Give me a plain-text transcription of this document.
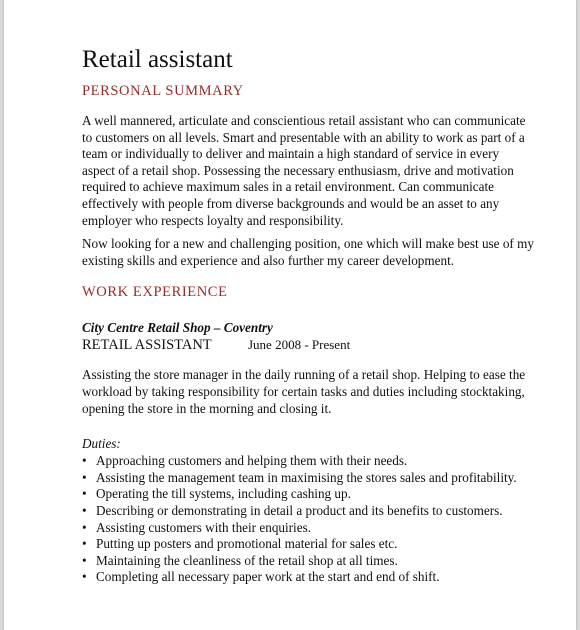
Retail assistant
PERSONAL SUMMARY

A well mannered, articulate and conscientious retail assistant who can communicate to customers on all levels. Smart and presentable with an ability to work as part of a team or individually to deliver and maintain a high standard of service in every aspect of a retail shop. Possessing the necessary enthusiasm, drive and motivation required to achieve maximum sales in a retail environment. Can communicate effectively with people from diverse backgrounds and would be an asset to any employer who respects loyalty and responsibility.

Now looking for a new and challenging position, one which will make best use of my existing skills and experience and also further my career development.

WORK EXPERIENCE
City Centre Retail Shop – Coventry
RETAIL ASSISTANT	June 2008 - Present

Assisting the store manager in the daily running of a retail shop. Helping to ease the workload by taking responsibility for certain tasks and duties including stocktaking, opening the store in the morning and closing it.

Duties:
• Approaching customers and helping them with their needs.
• Assisting the management team in maximising the stores sales and profitability.
• Operating the till systems, including cashing up.
• Describing or demonstrating in detail a product and its benefits to customers.
• Assisting customers with their enquiries.
• Putting up posters and promotional material for sales etc.
• Maintaining the cleanliness of the retail shop at all times.
• Completing all necessary paper work at the start and end of shift.
